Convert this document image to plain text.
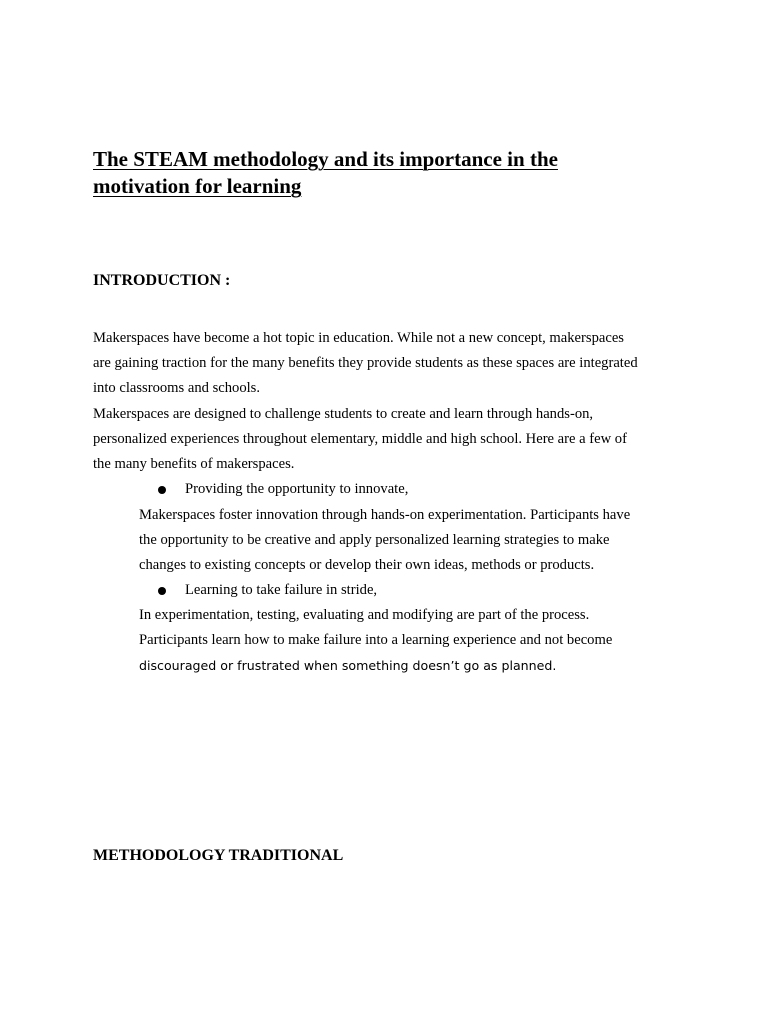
The STEAM methodology and its importance in the motivation for learning
INTRODUCTION :

Makerspaces have become a hot topic in education. While not a new concept, makerspaces

are gaining traction for the many benefits they provide students as these spaces are integrated

into classrooms and schools.

Makerspaces are designed to challenge students to create and learn through hands-on,

personalized experiences throughout elementary, middle and high school. Here are a few of

the many benefits of makerspaces.

Providing the opportunity to innovate,

Makerspaces foster innovation through hands-on experimentation. Participants have

the opportunity to be creative and apply personalized learning strategies to make

changes to existing concepts or develop their own ideas, methods or products.

Learning to take failure in stride,

In experimentation, testing, evaluating and modifying are part of the process.

Participants learn how to make failure into a learning experience and not become

discouraged or frustrated when something doesn’t go as planned.

METHODOLOGY TRADITIONAL
